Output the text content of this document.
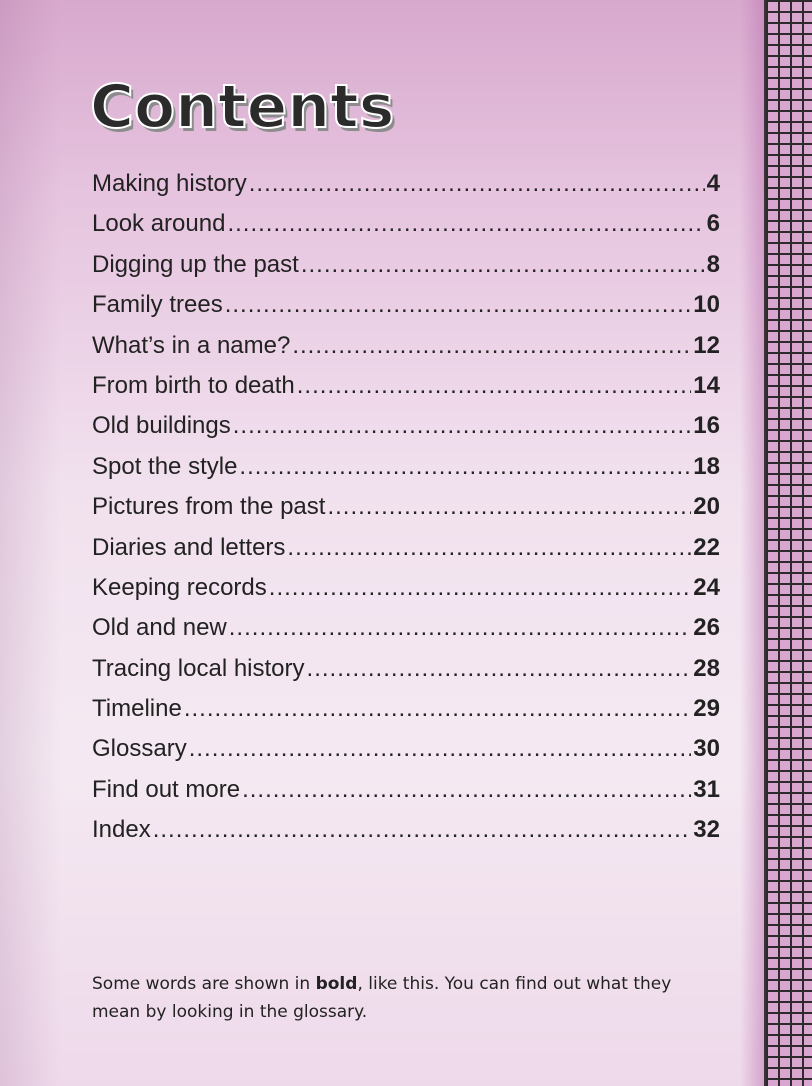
Contents
Making history .....	4
Look around .....	6
Digging up the past .....	8
Family trees .....	10
What’s in a name? .....	12
From birth to death .....	14
Old buildings .....	16
Spot the style .....	18
Pictures from the past .....	20
Diaries and letters .....	22
Keeping records .....	24
Old and new .....	26
Tracing local history .....	28
Timeline .....	29
Glossary .....	30
Find out more .....	31
Index .....	32

Some words are shown in bold, like this. You can find out what they mean by looking in the glossary.
